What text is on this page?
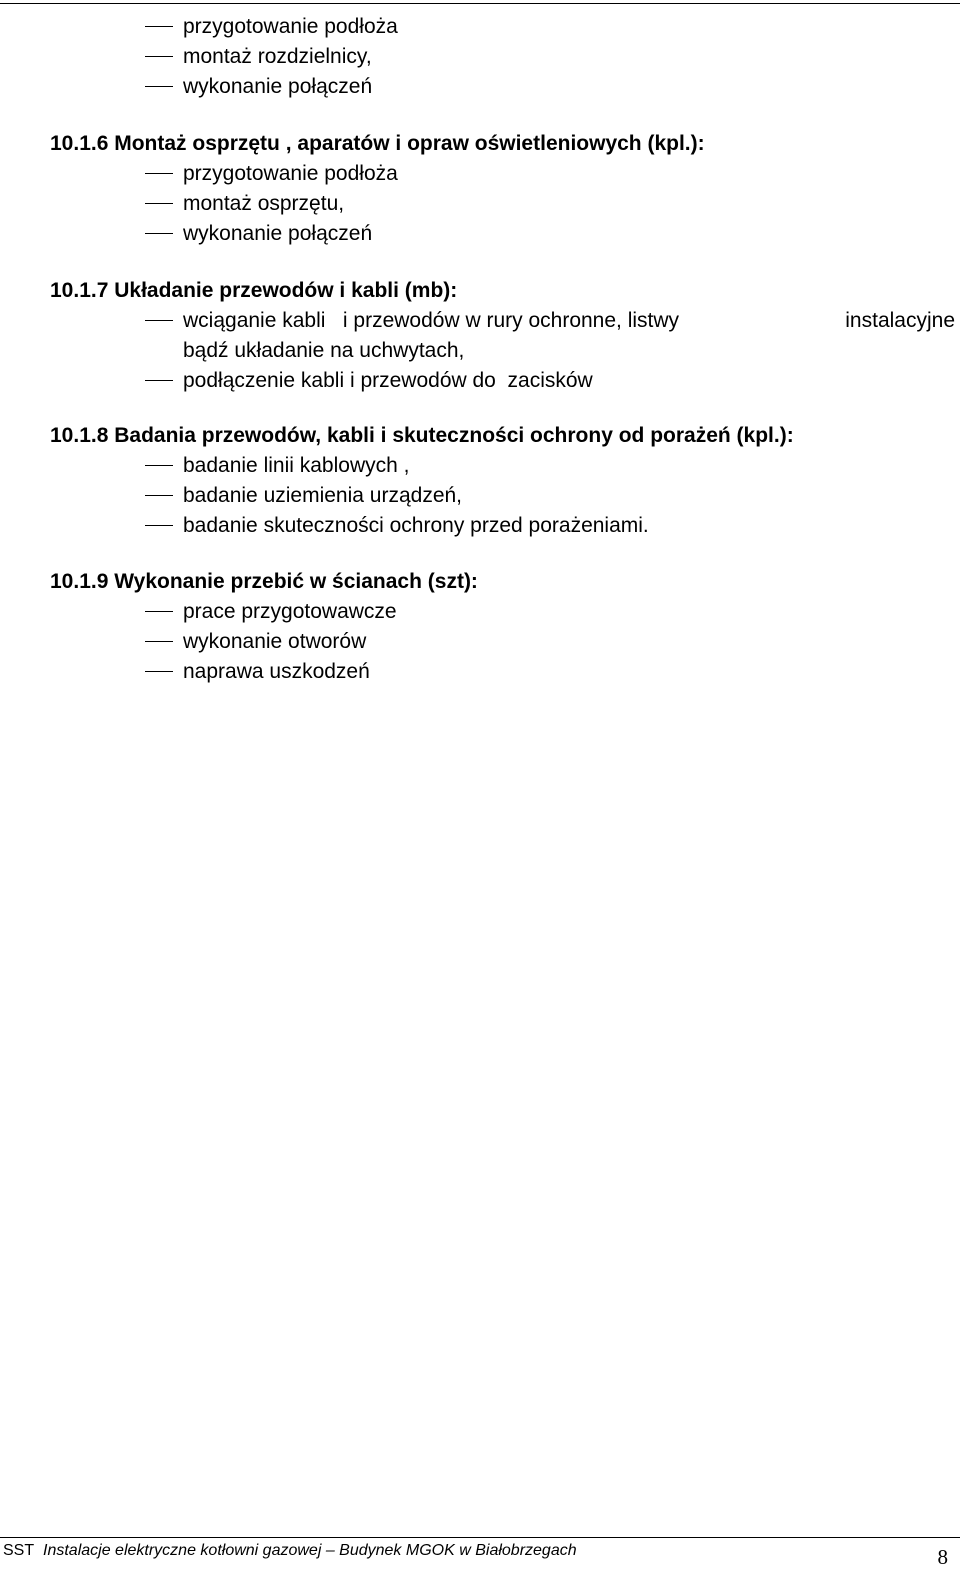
przygotowanie podłoża
montaż rozdzielnicy,
wykonanie połączeń
10.1.6 Montaż osprzętu , aparatów i opraw oświetleniowych (kpl.):
przygotowanie podłoża
montaż osprzętu,
wykonanie połączeń
10.1.7 Układanie przewodów i kabli (mb):
wciąganie kabli   i przewodów w rury ochronne, listwy	instalacyjne
bądź układanie na uchwytach,
podłączenie kabli i przewodów do  zacisków
10.1.8 Badania przewodów, kabli i skuteczności ochrony od porażeń (kpl.):
badanie linii kablowych ,
badanie uziemienia urządzeń,
badanie skuteczności ochrony przed porażeniami.
10.1.9 Wykonanie przebić w ścianach (szt):
prace przygotowawcze
wykonanie otworów
naprawa uszkodzeń
SST Instalacje elektryczne kotłowni gazowej – Budynek MGOK w Białobrzegach	8
